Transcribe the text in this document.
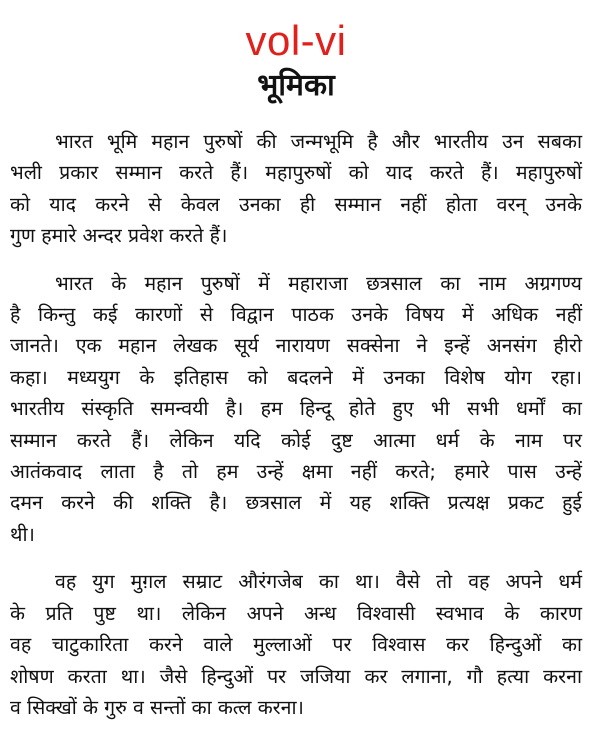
vol-vi
भूमिका
भारत भूमि महान पुरुषों की जन्मभूमि है और भारतीय उन सबका
भली प्रकार सम्मान करते हैं। महापुरुषों को याद करते हैं। महापुरुषों
को याद करने से केवल उनका ही सम्मान नहीं होता वरन् उनके
गुण हमारे अन्दर प्रवेश करते हैं।
भारत के महान पुरुषों में महाराजा छत्रसाल का नाम अग्रगण्य
है किन्तु कई कारणों से विद्वान पाठक उनके विषय में अधिक नहीं
जानते। एक महान लेखक सूर्य नारायण सक्सेना ने इन्हें अनसंग हीरो
कहा। मध्ययुग के इतिहास को बदलने में उनका विशेष योग रहा।
भारतीय संस्कृति समन्वयी है। हम हिन्दू होते हुए भी सभी धर्मों का
सम्मान करते हैं। लेकिन यदि कोई दुष्ट आत्मा धर्म के नाम पर
आतंकवाद लाता है तो हम उन्हें क्षमा नहीं करते; हमारे पास उन्हें
दमन करने की शक्ति है। छत्रसाल में यह शक्ति प्रत्यक्ष प्रकट हुई
थी।
वह युग मुग़ल सम्राट औरंगजेब का था। वैसे तो वह अपने धर्म
के प्रति पुष्ट था। लेकिन अपने अन्ध विश्वासी स्वभाव के कारण
वह चाटुकारिता करने वाले मुल्लाओं पर विश्वास कर हिन्दुओं का
शोषण करता था। जैसे हिन्दुओं पर जजिया कर लगाना, गौ हत्या करना
व सिक्खों के गुरु व सन्तों का कत्ल करना।
